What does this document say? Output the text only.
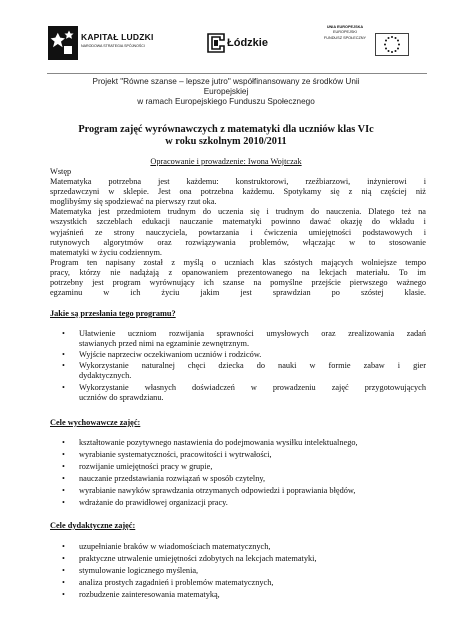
KAPITAŁ LUDZKI
NARODOWA STRATEGIA SPÓJNOŚCI	Łódzkie
UNIA EUROPEJSKA
EUROPEJSKI
FUNDUSZ SPOŁECZNY
Projekt "Równe szanse – lepsze jutro" współfinansowany ze środków Unii
Europejskiej
w ramach Europejskiego Funduszu Społecznego
Program zajęć wyrównawczych z matematyki dla uczniów klas VIc
w roku szkolnym 2010/2011
Opracowanie i prowadzenie: Iwona Wojtczak
Wstęp
Matematyka potrzebna jest każdemu: konstruktorowi, rzeźbiarzowi, inżynierowi i
sprzedawczyni w sklepie. Jest ona potrzebna każdemu. Spotykamy się z nią częściej niż
moglibyśmy się spodziewać na pierwszy rzut oka.
Matematyka jest przedmiotem trudnym do uczenia się i trudnym do nauczenia. Dlatego też na
wszystkich szczeblach edukacji nauczanie matematyki powinno dawać okazję do wkładu i
wyjaśnień ze strony nauczyciela, powtarzania i ćwiczenia umiejętności podstawowych i
rutynowych algorytmów oraz rozwiązywania problemów, włączając w to stosowanie
matematyki w życiu codziennym.
Program ten napisany został z myślą o uczniach klas szóstych mających wolniejsze tempo
pracy, którzy nie nadążają z opanowaniem prezentowanego na lekcjach materiału. To im
potrzebny jest program wyrównujący ich szanse na pomyślne przejście pierwszego ważnego
egzaminu w ich życiu jakim jest sprawdzian po szóstej klasie.
Jakie są przesłania tego programu?
• Ułatwienie uczniom rozwijania sprawności umysłowych oraz zrealizowania zadań
stawianych przed nimi na egzaminie zewnętrznym.
• Wyjście naprzeciw oczekiwaniom uczniów i rodziców.
• Wykorzystanie naturalnej chęci dziecka do nauki w formie zabaw i gier
dydaktycznych.
• Wykorzystanie własnych doświadczeń w prowadzeniu zajęć przygotowujących
uczniów do sprawdzianu.
Cele wychowawcze zajęć:
• kształtowanie pozytywnego nastawienia do podejmowania wysiłku intelektualnego,
• wyrabianie systematyczności, pracowitości i wytrwałości,
• rozwijanie umiejętności pracy w grupie,
• nauczanie przedstawiania rozwiązań w sposób czytelny,
• wyrabianie nawyków sprawdzania otrzymanych odpowiedzi i poprawiania błędów,
• wdrażanie do prawidłowej organizacji pracy.
Cele dydaktyczne zajęć:
• uzupełnianie braków w wiadomościach matematycznych,
• praktyczne utrwalenie umiejętności zdobytych na lekcjach matematyki,
• stymulowanie logicznego myślenia,
• analiza prostych zagadnień i problemów matematycznych,
• rozbudzenie zainteresowania matematyką,
